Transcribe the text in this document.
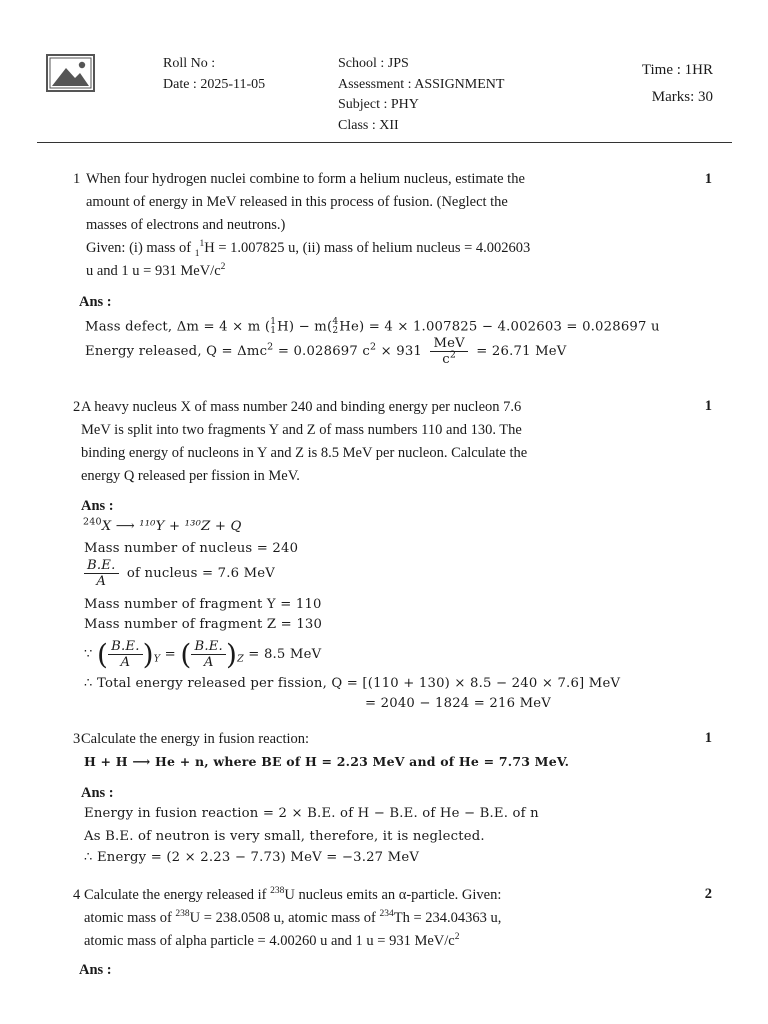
Roll No :
Date : 2025-11-05
School : JPS
Assessment : ASSIGNMENT
Subject : PHY
Class : XII
Time : 1HR
Marks: 30
1	1
When four hydrogen nuclei combine to form a helium nucleus, estimate the
amount of energy in MeV released in this process of fusion. (Neglect the
masses of electrons and neutrons.)
Given: (i) mass of $_1^1$H = 1.007825 u, (ii) mass of helium nucleus = 4.002603
u and 1 u = 931 MeV/$c^2$
Ans :
Mass defect, Δm = 4 × m ( 1
1 H) − m( 4
2 He) = 4 × 1.007825 − 4.002603 = 0.028697 u
Energy released, Q = Δmc$^2$ = 0.028697 $c^2 \times 931 \frac{\text{MeV}}{c^2} = 26.71$ MeV
2	1
A heavy nucleus X of mass number 240 and binding energy per nucleon 7.6
MeV is split into two fragments Y and Z of mass numbers 110 and 130. The
binding energy of nucleons in Y and Z is 8.5 MeV per nucleon. Calculate the
energy Q released per fission in MeV.
Ans :
$^{240}$X ⟶ ¹¹⁰Y + ¹³⁰Z + Q
Mass number of nucleus = 240
$\frac{B.E.}{A}$ of nucleus = 7.6 MeV
Mass number of fragment Y = 110
Mass number of fragment Z = 130
∵ ( $\frac{B.E.}{A} )_Y$ = ( $\frac{B.E.}{A} )_Z = 8.5$ MeV
∴ Total energy released per fission, Q = [(110 + 130) × 8.5 − 240 × 7.6] MeV
= 2040 − 1824 = 216 MeV
3	1
Calculate the energy in fusion reaction:
H + H ⟶ He + n, where BE of H = 2.23 MeV and of He = 7.73 MeV.
Ans :
Energy in fusion reaction = 2 × B.E. of H − B.E. of He − B.E. of n
As B.E. of neutron is very small, therefore, it is neglected.
∴ Energy = (2 × 2.23 − 7.73) MeV = −3.27 MeV
4	2
Calculate the energy released if $^{238}$U nucleus emits an α-particle. Given:
atomic mass of $^{238}$U = 238.0508 u, atomic mass of $^{234}$Th = 234.04363 u,
atomic mass of alpha particle = 4.00260 u and 1 u = 931 MeV/$c^2$
Ans :
